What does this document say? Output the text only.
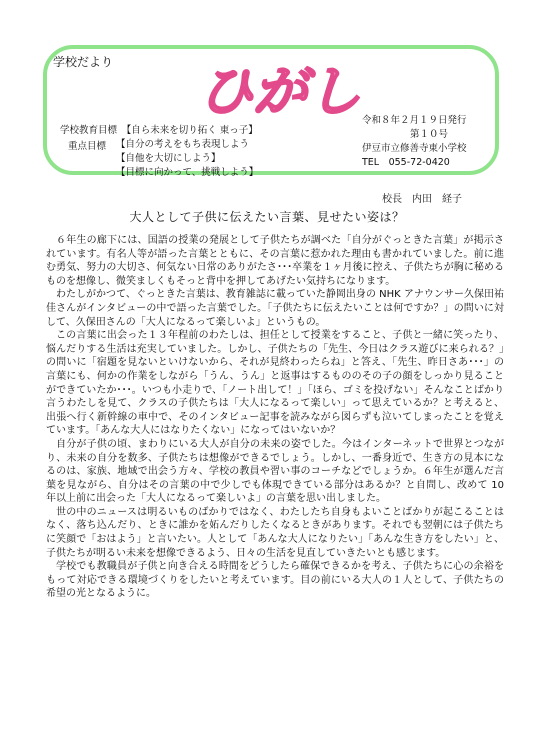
学校だより ひがし
学校教育目標　【自ら未来を切り拓く 東っ子】
重点目標 【自分の考えをもち表現しよう
【自他を大切にしよう】
【目標に向かって、挑戦しよう】
令和８年２月１９日発行
第１０号
伊豆市立修善寺東小学校
TEL　055-72-0420
校長　内田　経子
大人として子供に伝えたい言葉、見せたい姿は？

６年生の廊下には、国語の授業の発展として子供たちが調べた「自分がぐっときた言葉」が掲示されています。有名人等が語った言葉とともに、その言葉に惹かれた理由も書かれていました。前に進む勇気、努力の大切さ、何気ない日常のありがたさ･･･卒業を１ヶ月後に控え、子供たちが胸に秘めるものを想像し、微笑ましくもそっと背中を押してあげたい気持ちになります。

わたしがかつて、ぐっときた言葉は、教育雑誌に載っていた静岡出身の NHK アナウンサー久保田祐佳さんがインタビューの中で語った言葉でした。「子供たちに伝えたいことは何ですか？」の問いに対して、久保田さんの「大人になるって楽しいよ」というもの。

この言葉に出会った１３年程前のわたしは、担任として授業をすること、子供と一緒に笑ったり、悩んだりする生活は充実していました。しかし、子供たちの「先生、今日はクラス遊びに来られる？」の問いに「宿題を見ないといけないから、それが見終わったらね」と答え、「先生、昨日さあ･･･」の言葉にも、何かの作業をしながら「うん、うん」と返事はするもののその子の顔をしっかり見ることができていたか･･･。いつも小走りで、「ノート出して！」「ほら、ゴミを投げない」そんなことばかり言うわたしを見て、クラスの子供たちは「大人になるって楽しい」って思えているか？と考えると、出張へ行く新幹線の車中で、そのインタビュー記事を読みながら図らずも泣いてしまったことを覚えています。「あんな大人にはなりたくない」になってはいないか？

自分が子供の頃、まわりにいる大人が自分の未来の姿でした。今はインターネットで世界とつながり、未来の自分を数多、子供たちは想像ができるでしょう。しかし、一番身近で、生き方の見本になるのは、家族、地域で出会う方々、学校の教員や習い事のコーチなどでしょうか。６年生が選んだ言葉を見ながら、自分はその言葉の中で少しでも体現できている部分はあるか？と自問し、改めて 10 年以上前に出会った「大人になるって楽しいよ」の言葉を思い出しました。

世の中のニュースは明るいものばかりではなく、わたしたち自身もよいことばかりが起こることはなく、落ち込んだり、ときに誰かを妬んだりしたくなるときがあります。それでも翌朝には子供たちに笑顔で「おはよう」と言いたい。人として「あんな大人になりたい」「あんな生き方をしたい」と、子供たちが明るい未来を想像できるよう、日々の生活を見直していきたいとも感じます。

学校でも教職員が子供と向き合える時間をどうしたら確保できるかを考え、子供たちに心の余裕をもって対応できる環境づくりをしたいと考えています。目の前にいる大人の１人として、子供たちの希望の光となるように。
